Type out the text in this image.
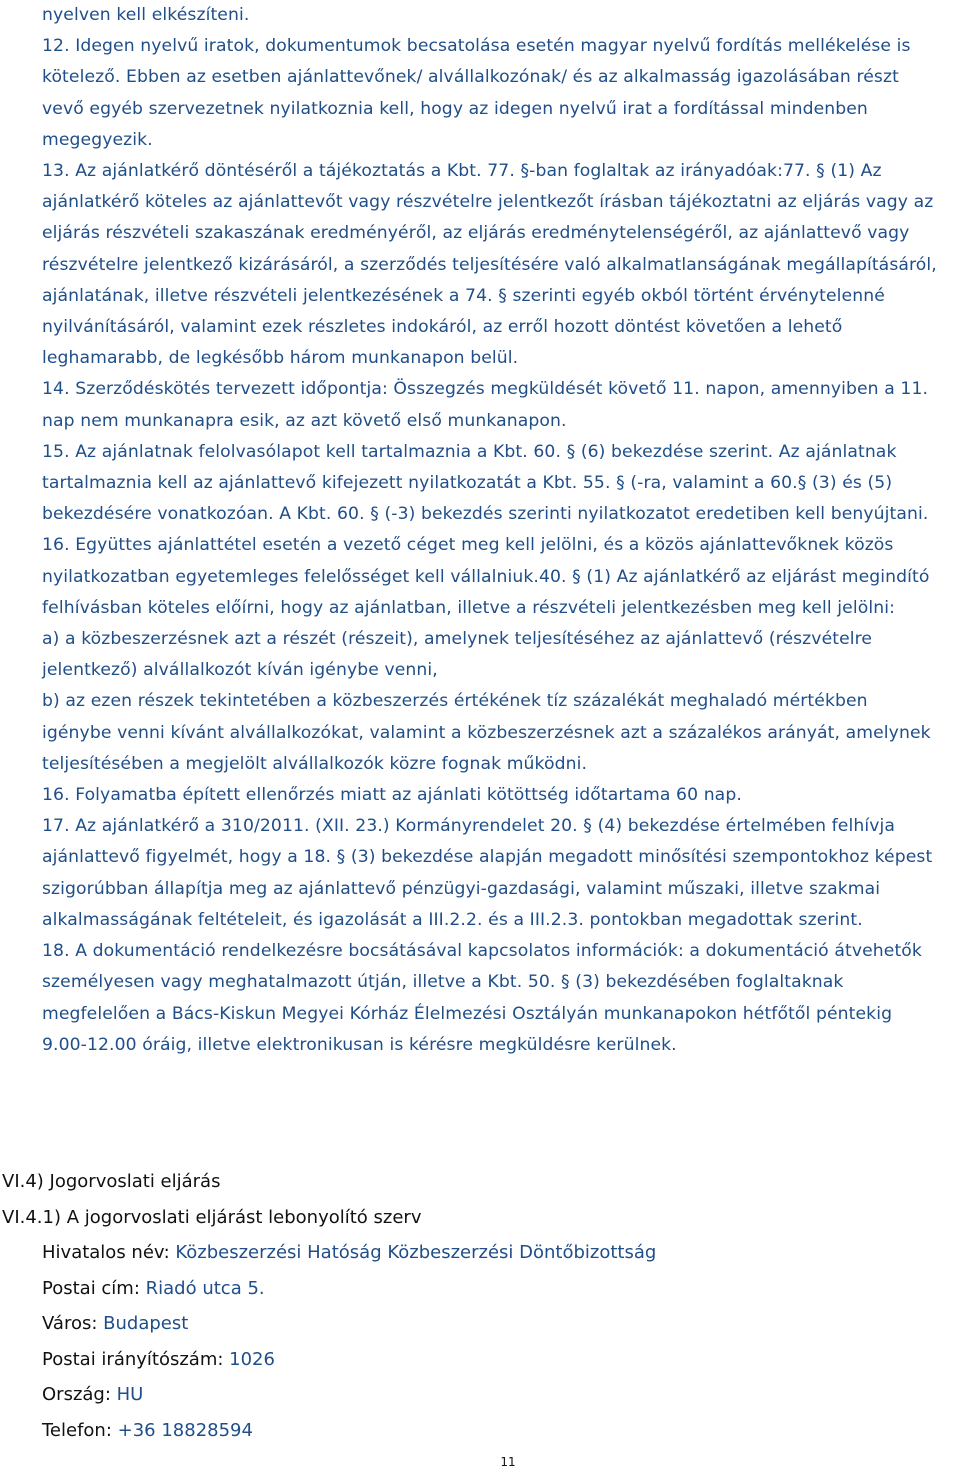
nyelven kell elkészíteni.

12. Idegen nyelvű iratok, dokumentumok becsatolása esetén magyar nyelvű fordítás mellékelése is kötelező. Ebben az esetben ajánlattevőnek/ alvállalkozónak/ és az alkalmasság igazolásában részt vevő egyéb szervezetnek nyilatkoznia kell, hogy az idegen nyelvű irat a fordítással mindenben megegyezik.

13. Az ajánlatkérő döntéséről a tájékoztatás a Kbt. 77. §-ban foglaltak az irányadóak:77. § (1) Az ajánlatkérő köteles az ajánlattevőt vagy részvételre jelentkezőt írásban tájékoztatni az eljárás vagy az eljárás részvételi szakaszának eredményéről, az eljárás eredménytelenségéről, az ajánlattevő vagy részvételre jelentkező kizárásáról, a szerződés teljesítésére való alkalmatlanságának megállapításáról, ajánlatának, illetve részvételi jelentkezésének a 74. § szerinti egyéb okból történt érvénytelenné nyilvánításáról, valamint ezek részletes indokáról, az erről hozott döntést követően a lehető leghamarabb, de legkésőbb három munkanapon belül.

14. Szerződéskötés tervezett időpontja: Összegzés megküldését követő 11. napon, amennyiben a 11. nap nem munkanapra esik, az azt követő első munkanapon.

15. Az ajánlatnak felolvasólapot kell tartalmaznia a Kbt. 60. § (6) bekezdése szerint. Az ajánlatnak tartalmaznia kell az ajánlattevő kifejezett nyilatkozatát a Kbt. 55. § (-ra, valamint a 60.§ (3) és (5) bekezdésére vonatkozóan. A Kbt. 60. § (-3) bekezdés szerinti nyilatkozatot eredetiben kell benyújtani.

16. Együttes ajánlattétel esetén a vezető céget meg kell jelölni, és a közös ajánlattevőknek közös nyilatkozatban egyetemleges felelősséget kell vállalniuk.40. § (1) Az ajánlatkérő az eljárást megindító felhívásban köteles előírni, hogy az ajánlatban, illetve a részvételi jelentkezésben meg kell jelölni:

a) a közbeszerzésnek azt a részét (részeit), amelynek teljesítéséhez az ajánlattevő (részvételre jelentkező) alvállalkozót kíván igénybe venni,

b) az ezen részek tekintetében a közbeszerzés értékének tíz százalékát meghaladó mértékben igénybe venni kívánt alvállalkozókat, valamint a közbeszerzésnek azt a százalékos arányát, amelynek teljesítésében a megjelölt alvállalkozók közre fognak működni.

16. Folyamatba épített ellenőrzés miatt az ajánlati kötöttség időtartama 60 nap.

17. Az ajánlatkérő a 310/2011. (XII. 23.) Kormányrendelet 20. § (4) bekezdése értelmében felhívja ajánlattevő figyelmét, hogy a 18. § (3) bekezdése alapján megadott minősítési szempontokhoz képest szigorúbban állapítja meg az ajánlattevő pénzügyi-gazdasági, valamint műszaki, illetve szakmai alkalmasságának feltételeit, és igazolását a III.2.2. és a III.2.3. pontokban megadottak szerint.

18. A dokumentáció rendelkezésre bocsátásával kapcsolatos információk: a dokumentáció átvehetők személyesen vagy meghatalmazott útján, illetve a Kbt. 50. § (3) bekezdésében foglaltaknak megfelelően a Bács-Kiskun Megyei Kórház Élelmezési Osztályán munkanapokon hétfőtől péntekig 9.00-12.00 óráig, illetve elektronikusan is kérésre megküldésre kerülnek.

VI.4) Jogorvoslati eljárás

VI.4.1) A jogorvoslati eljárást lebonyolító szerv

Hivatalos név: Közbeszerzési Hatóság Közbeszerzési Döntőbizottság

Postai cím: Riadó utca 5.

Város: Budapest

Postai irányítószám: 1026

Ország: HU

Telefon: +36 18828594

11
